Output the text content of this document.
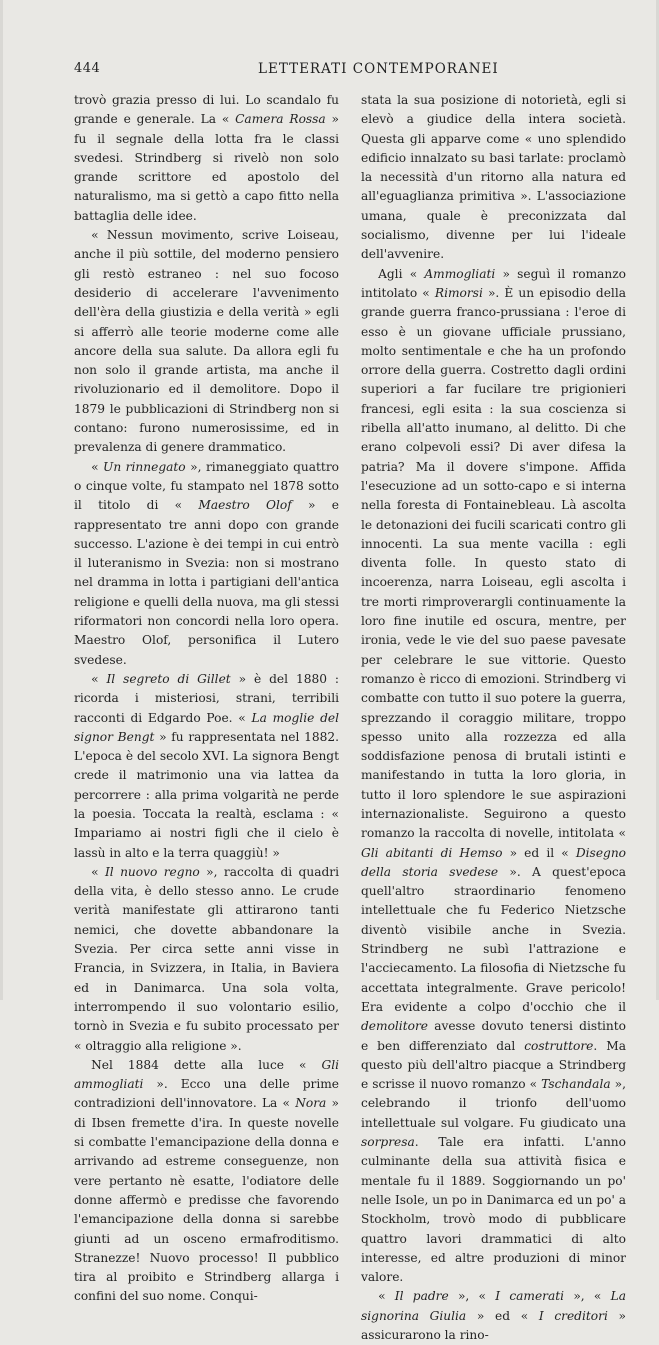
444	LETTERATI CONTEMPORANEI

trovò grazia presso di lui. Lo scandalo fu grande e generale. La « Camera Rossa » fu il segnale della lotta fra le classi svedesi. Strindberg si rivelò non solo grande scrittore ed apostolo del naturalismo, ma si gettò a capo fitto nella battaglia delle idee.

« Nessun movimento, scrive Loiseau, anche il più sottile, del moderno pensiero gli restò estraneo : nel suo focoso desiderio di accelerare l'avvenimento dell'èra della giustizia e della verità » egli si afferrò alle teorie moderne come alle ancore della sua salute. Da allora egli fu non solo il grande artista, ma anche il rivoluzionario ed il demolitore. Dopo il 1879 le pubblicazioni di Strindberg non si contano: furono numerosissime, ed in prevalenza di genere drammatico.

« Un rinnegato », rimaneggiato quattro o cinque volte, fu stampato nel 1878 sotto il titolo di « Maestro Olof » e rappresentato tre anni dopo con grande successo. L'azione è dei tempi in cui entrò il luteranismo in Svezia: non si mostrano nel dramma in lotta i partigiani dell'antica religione e quelli della nuova, ma gli stessi riformatori non concordi nella loro opera. Maestro Olof, personifica il Lutero svedese.

« Il segreto di Gillet » è del 1880 : ricorda i misteriosi, strani, terribili racconti di Edgardo Poe. « La moglie del signor Bengt » fu rappresentata nel 1882. L'epoca è del secolo XVI. La signora Bengt crede il matrimonio una via lattea da percorrere : alla prima volgarità ne perde la poesia. Toccata la realtà, esclama : « Impariamo ai nostri figli che il cielo è lassù in alto e la terra quaggiù! »

« Il nuovo regno », raccolta di quadri della vita, è dello stesso anno. Le crude verità manifestate gli attirarono tanti nemici, che dovette abbandonare la Svezia. Per circa sette anni visse in Francia, in Svizzera, in Italia, in Baviera ed in Danimarca. Una sola volta, interrompendo il suo volontario esilio, tornò in Svezia e fu subito processato per « oltraggio alla religione ».

Nel 1884 dette alla luce « Gli ammogliati ». Ecco una delle prime contradizioni dell'innovatore. La « Nora » di Ibsen fremette d'ira. In queste novelle si combatte l'emancipazione della donna e arrivando ad estreme conseguenze, non vere pertanto nè esatte, l'odiatore delle donne affermò e predisse che favorendo l'emancipazione della donna si sarebbe giunti ad un osceno ermafroditismo. Stranezze! Nuovo processo! Il pubblico tira al proibito e Strindberg allarga i confini del suo nome. Conqui-

stata la sua posizione di notorietà, egli si elevò a giudice della intera società. Questa gli apparve come « uno splendido edificio innalzato su basi tarlate: proclamò la necessità d'un ritorno alla natura ed all'eguaglianza primitiva ». L'associazione umana, quale è preconizzata dal socialismo, divenne per lui l'ideale dell'avvenire.

Agli « Ammogliati » seguì il romanzo intitolato « Rimorsi ». È un episodio della grande guerra franco-prussiana : l'eroe di esso è un giovane ufficiale prussiano, molto sentimentale e che ha un profondo orrore della guerra. Costretto dagli ordini superiori a far fucilare tre prigionieri francesi, egli esita : la sua coscienza si ribella all'atto inumano, al delitto. Di che erano colpevoli essi? Di aver difesa la patria? Ma il dovere s'impone. Affida l'esecuzione ad un sotto-capo e si interna nella foresta di Fontainebleau. Là ascolta le detonazioni dei fucili scaricati contro gli innocenti. La sua mente vacilla : egli diventa folle. In questo stato di incoerenza, narra Loiseau, egli ascolta i tre morti rimproverargli continuamente la loro fine inutile ed oscura, mentre, per ironia, vede le vie del suo paese pavesate per celebrare le sue vittorie. Questo romanzo è ricco di emozioni. Strindberg vi combatte con tutto il suo potere la guerra, sprezzando il coraggio militare, troppo spesso unito alla rozzezza ed alla soddisfazione penosa di brutali istinti e manifestando in tutta la loro gloria, in tutto il loro splendore le sue aspirazioni internazionaliste. Seguirono a questo romanzo la raccolta di novelle, intitolata « Gli abitanti di Hemso » ed il « Disegno della storia svedese ». A quest'epoca quell'altro straordinario fenomeno intellettuale che fu Federico Nietzsche diventò visibile anche in Svezia. Strindberg ne subì l'attrazione e l'acciecamento. La filosofia di Nietzsche fu accettata integralmente. Grave pericolo! Era evidente a colpo d'occhio che il demolitore avesse dovuto tenersi distinto e ben differenziato dal costruttore. Ma questo più dell'altro piacque a Strindberg e scrisse il nuovo romanzo « Tschandala », celebrando il trionfo dell'uomo intellettuale sul volgare. Fu giudicato una sorpresa. Tale era infatti. L'anno culminante della sua attività fisica e mentale fu il 1889. Soggiornando un po' nelle Isole, un po in Danimarca ed un po' a Stockholm, trovò modo di pubblicare quattro lavori drammatici di alto interesse, ed altre produzioni di minor valore.

« Il padre », « I camerati », « La signorina Giulia » ed « I creditori » assicurarono la rino-
